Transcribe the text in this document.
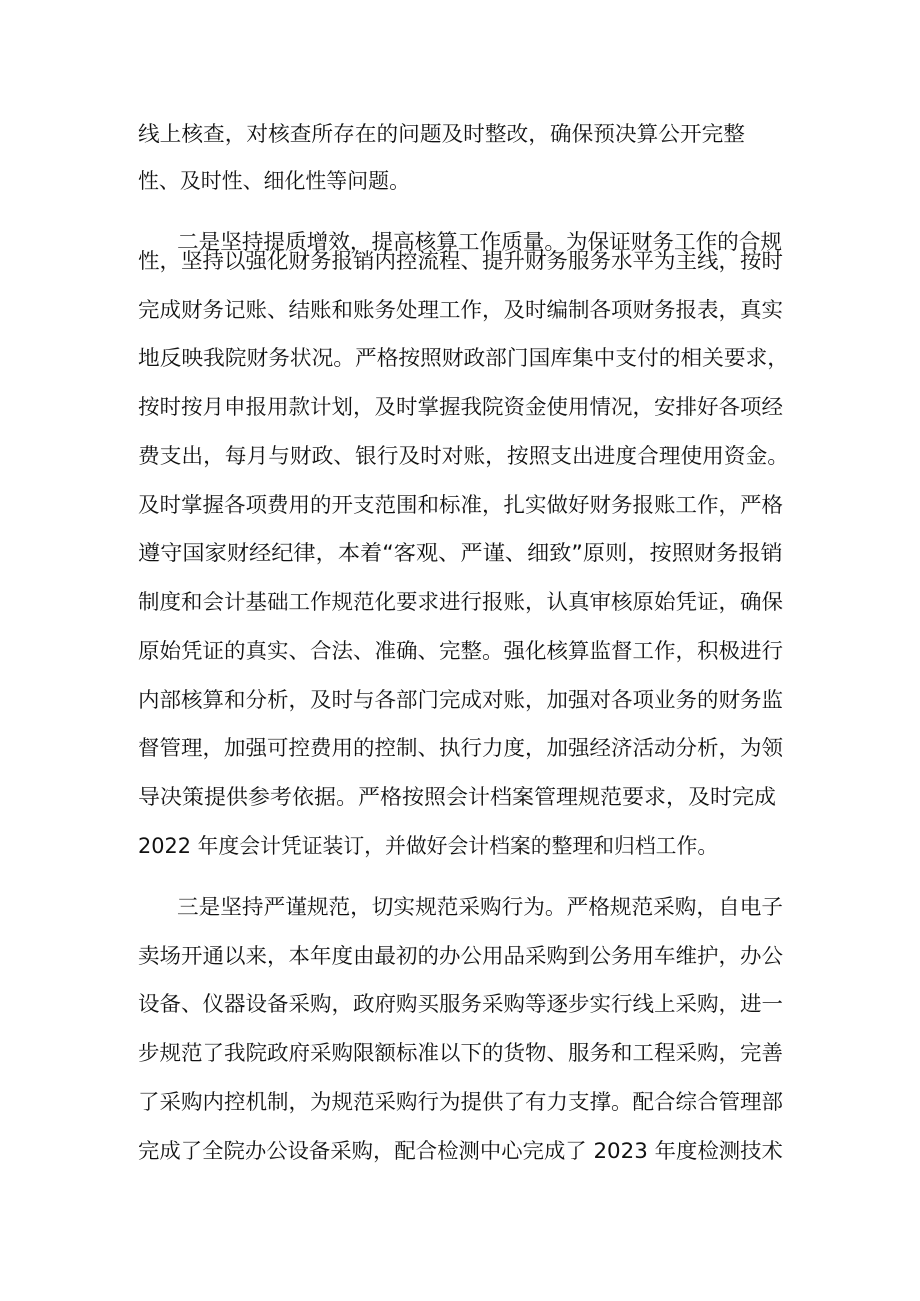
线上核查，对核查所存在的问题及时整改，确保预决算公开完整
性、及时性、细化性等问题。
二是坚持提质增效，提高核算工作质量。为保证财务工作的合规
性，坚持以强化财务报销内控流程、提升财务服务水平为主线，按时
完成财务记账、结账和账务处理工作，及时编制各项财务报表，真实
地反映我院财务状况。严格按照财政部门国库集中支付的相关要求，
按时按月申报用款计划，及时掌握我院资金使用情况，安排好各项经
费支出，每月与财政、银行及时对账，按照支出进度合理使用资金。
及时掌握各项费用的开支范围和标准，扎实做好财务报账工作，严格
遵守国家财经纪律，本着“客观、严谨、细致”原则，按照财务报销
制度和会计基础工作规范化要求进行报账，认真审核原始凭证，确保
原始凭证的真实、合法、准确、完整。强化核算监督工作，积极进行
内部核算和分析，及时与各部门完成对账，加强对各项业务的财务监
督管理，加强可控费用的控制、执行力度，加强经济活动分析，为领
导决策提供参考依据。严格按照会计档案管理规范要求，及时完成
2022 年度会计凭证装订，并做好会计档案的整理和归档工作。
三是坚持严谨规范，切实规范采购行为。严格规范采购，自电子
卖场开通以来，本年度由最初的办公用品采购到公务用车维护，办公
设备、仪器设备采购，政府购买服务采购等逐步实行线上采购，进一
步规范了我院政府采购限额标准以下的货物、服务和工程采购，完善
了采购内控机制，为规范采购行为提供了有力支撑。配合综合管理部
完成了全院办公设备采购，配合检测中心完成了 2023 年度检测技术
